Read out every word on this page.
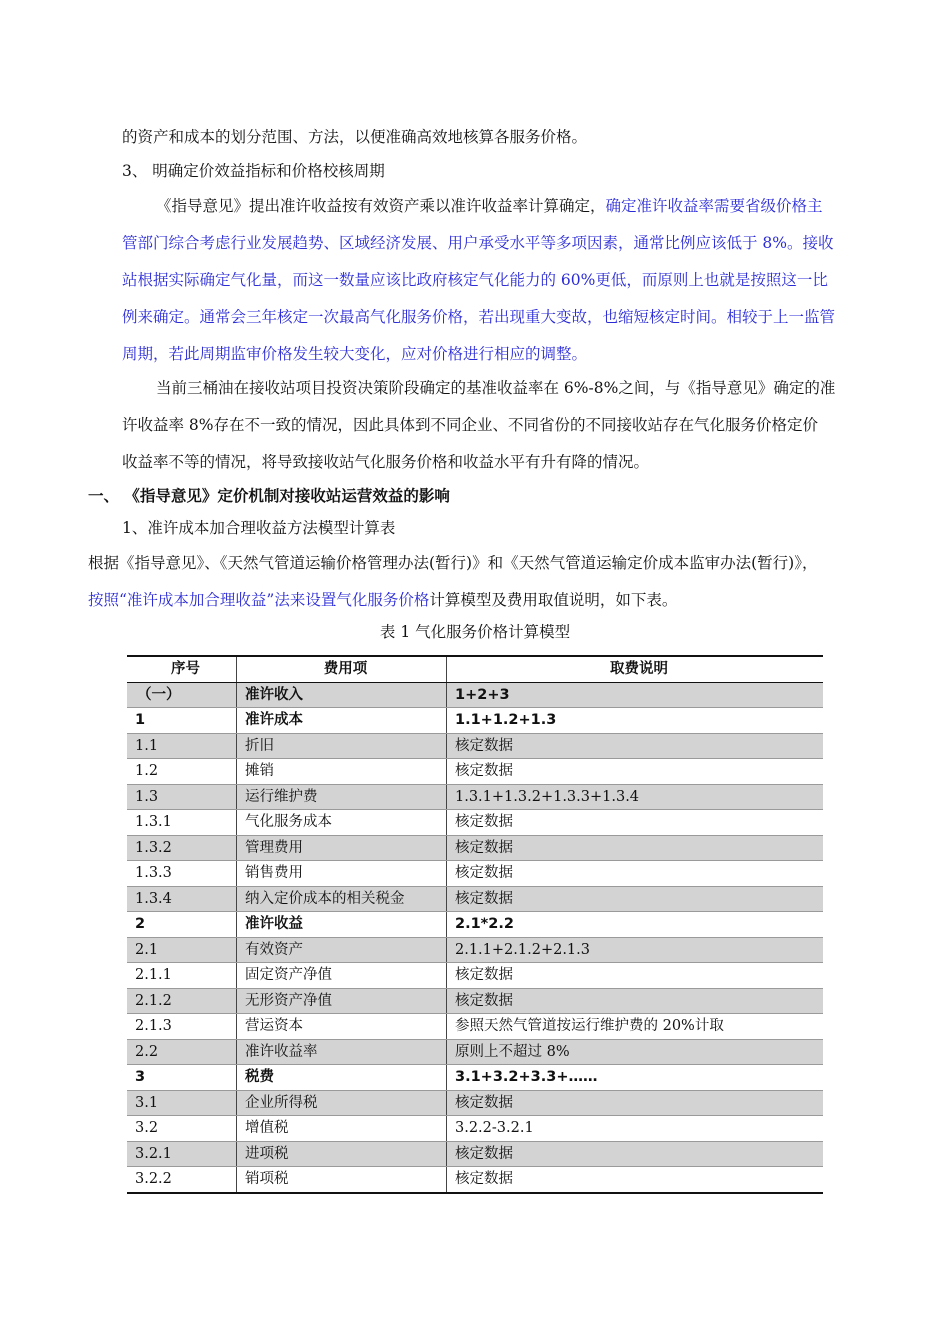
的资产和成本的划分范围、方法，以便准确高效地核算各服务价格。
3、 明确定价效益指标和价格校核周期
《指导意见》提出准许收益按有效资产乘以准许收益率计算确定，确定准许收益率需要省级价格主
管部门综合考虑行业发展趋势、区域经济发展、用户承受水平等多项因素，通常比例应该低于 8%。接收
站根据实际确定气化量，而这一数量应该比政府核定气化能力的 60%更低，而原则上也就是按照这一比
例来确定。通常会三年核定一次最高气化服务价格，若出现重大变故，也缩短核定时间。相较于上一监管
周期，若此周期监审价格发生较大变化，应对价格进行相应的调整。
当前三桶油在接收站项目投资决策阶段确定的基准收益率在 6%-8%之间，与《指导意见》确定的准
许收益率 8%存在不一致的情况，因此具体到不同企业、不同省份的不同接收站存在气化服务价格定价
收益率不等的情况，将导致接收站气化服务价格和收益水平有升有降的情况。
一、 《指导意见》定价机制对接收站运营效益的影响
1、准许成本加合理收益方法模型计算表
根据《指导意见》、《天然气管道运输价格管理办法(暂行)》和《天然气管道运输定价成本监审办法(暂行)》，
按照“准许成本加合理收益”法来设置气化服务价格计算模型及费用取值说明，如下表。
表 1 气化服务价格计算模型
序号	费用项	取费说明
（一）	准许收入	1+2+3
1	准许成本	1.1+1.2+1.3
1.1	折旧	核定数据
1.2	摊销	核定数据
1.3	运行维护费	1.3.1+1.3.2+1.3.3+1.3.4
1.3.1	气化服务成本	核定数据
1.3.2	管理费用	核定数据
1.3.3	销售费用	核定数据
1.3.4	纳入定价成本的相关税金	核定数据
2	准许收益	2.1*2.2
2.1	有效资产	2.1.1+2.1.2+2.1.3
2.1.1	固定资产净值	核定数据
2.1.2	无形资产净值	核定数据
2.1.3	营运资本	参照天然气管道按运行维护费的 20%计取
2.2	准许收益率	原则上不超过 8%
3	税费	3.1+3.2+3.3+……
3.1	企业所得税	核定数据
3.2	增值税	3.2.2-3.2.1
3.2.1	进项税	核定数据
3.2.2	销项税	核定数据
